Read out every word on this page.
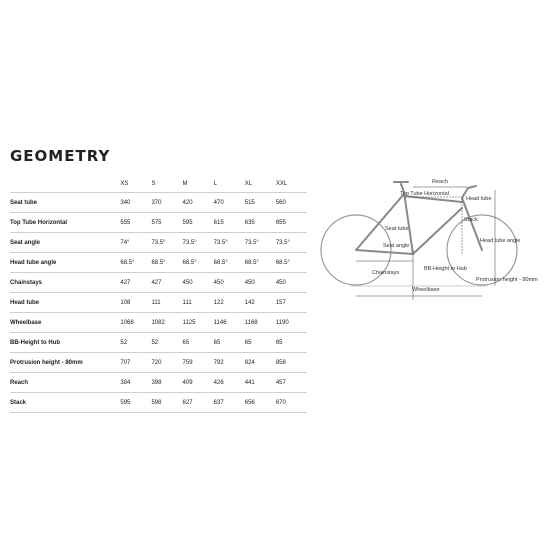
GEOMETRY
	XS	S	M	L	XL	XXL
Seat tube	340	370	420	470	515	560
Top Tube Horizontal	555	575	595	615	635	655
Seat angle	74°	73.5°	73.5°	73.5°	73.5°	73.5°
Head tube angle	68.5°	68.5°	68.5°	68.5°	68.5°	68.5°
Chainstays	427	427	450	450	450	450
Head tube	108	111	111	122	142	157
Wheelbase	1068	1082	1125	1146	1168	1190
BB-Height to Hub	52	52	65	65	65	65
Protrusion height - 80mm	707	720	759	792	824	858
Reach	384	398	409	426	441	457
Stack	595	598	627	637	656	670
Reach
Top Tube Horizontal
Head tube
Seat tube
Seat angle
Stack
Head tube angle
Chainstays
BB-Height to Hub
Protrusion height - 80mm
Wheelbase
